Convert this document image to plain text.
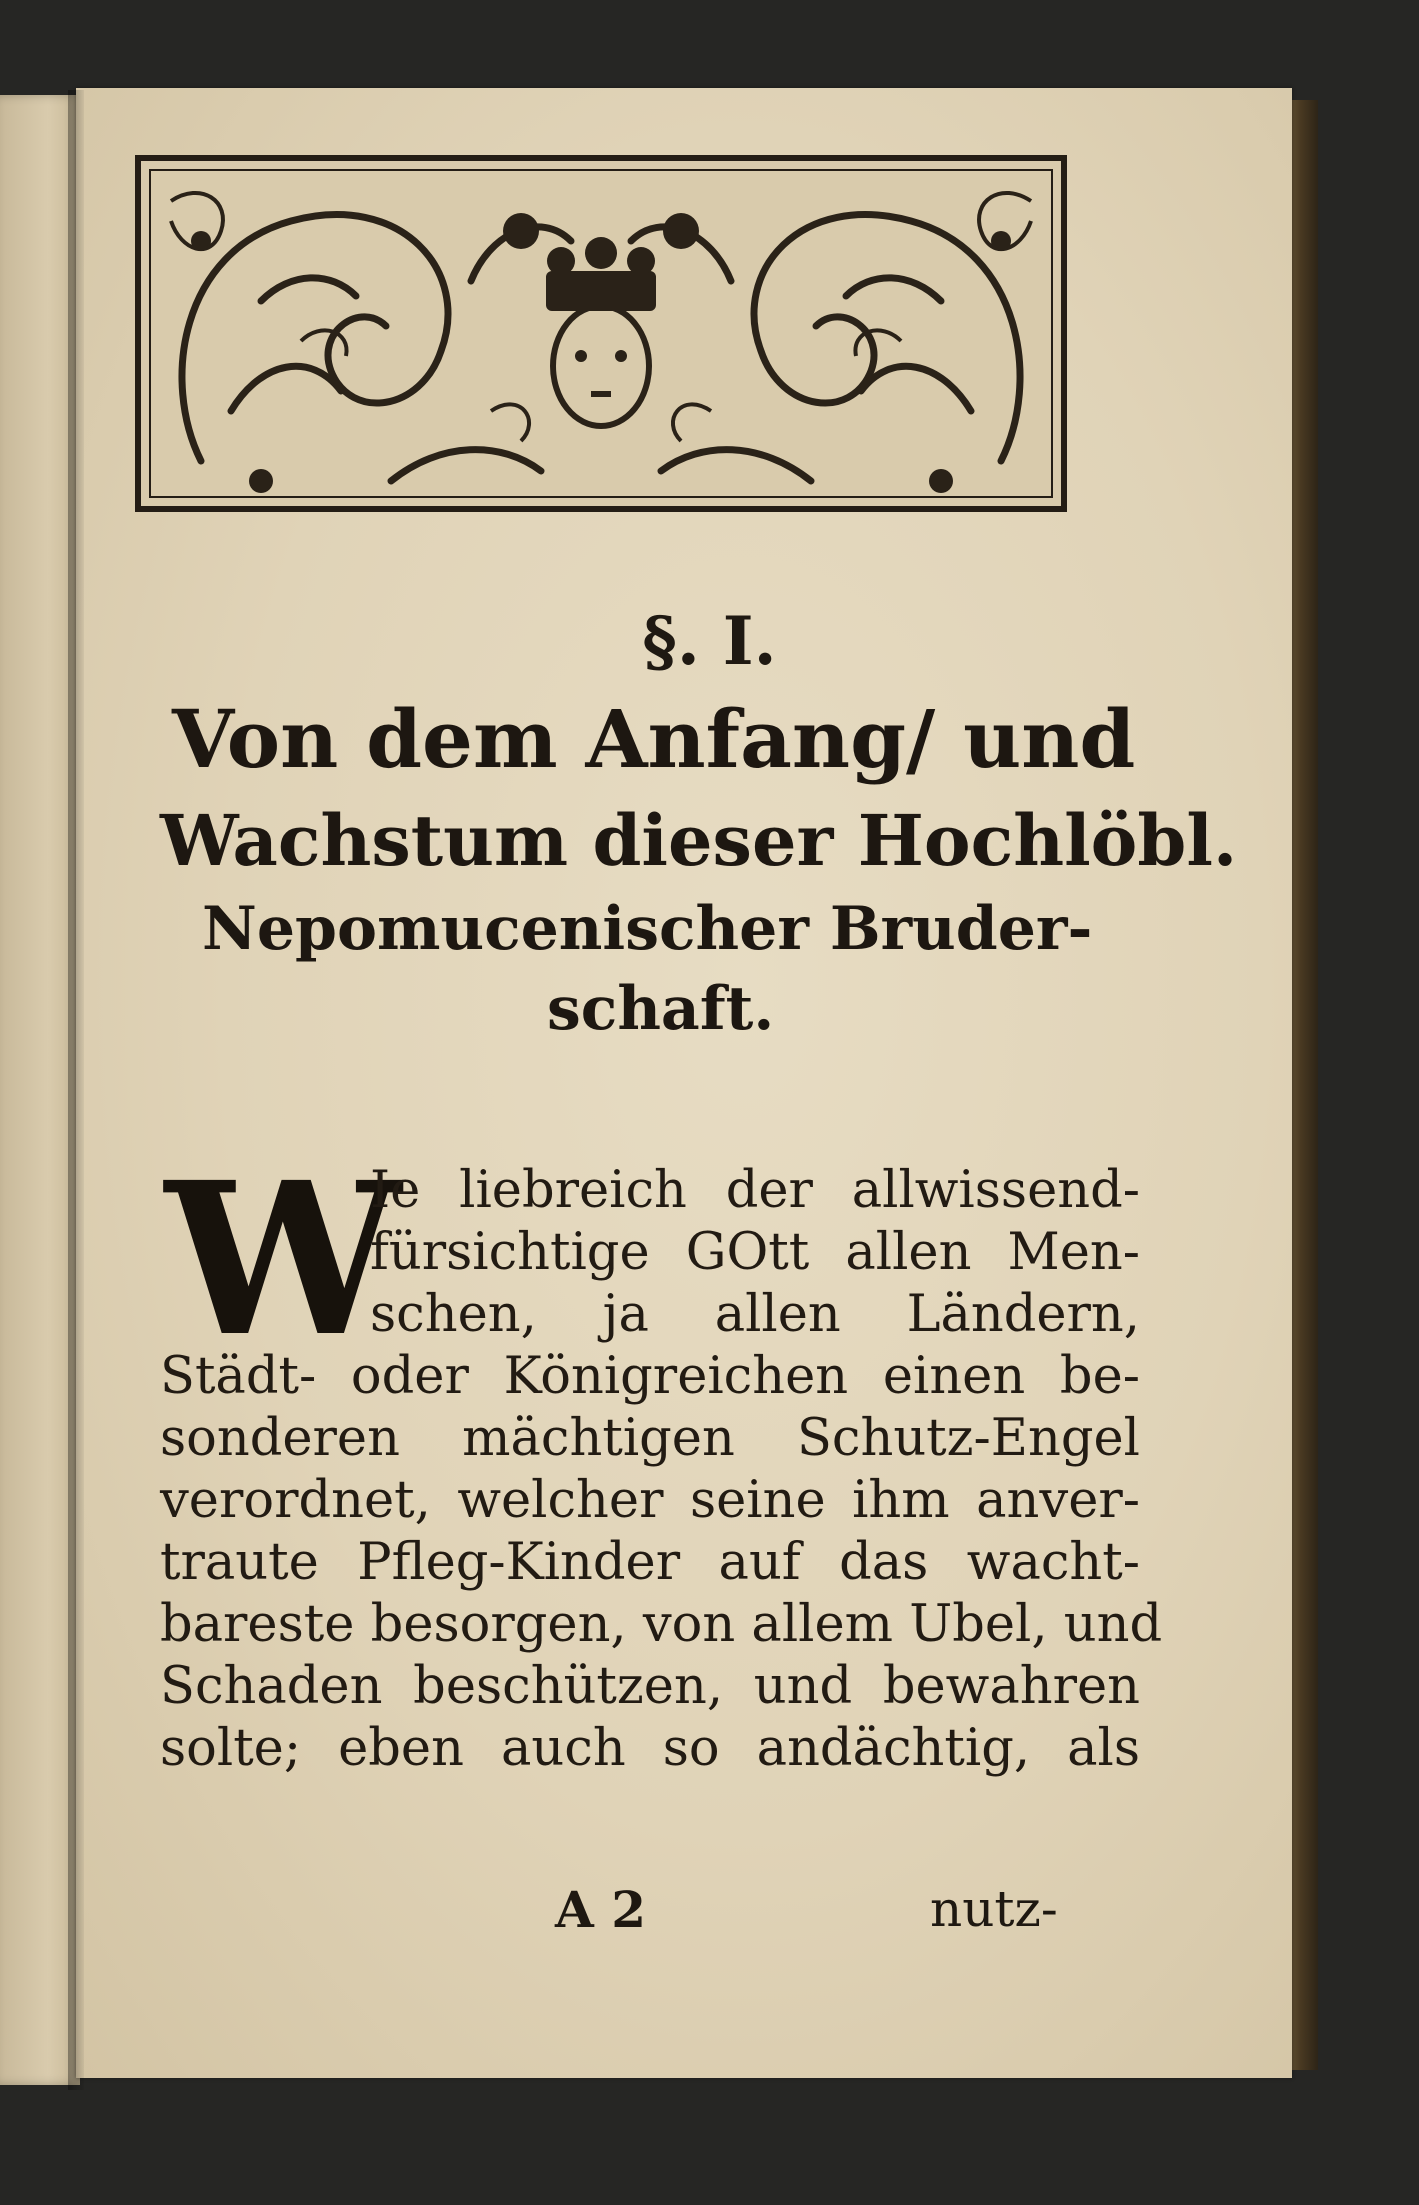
§. I.
Von dem Anfang/ und
Wachstum dieser Hochlöbl.
Nepomucenischer Bruder-
schaft.
W
Ie liebreich der allwissend-
fürsichtige GOtt allen Men-
schen, ja allen Ländern,
Städt- oder Königreichen einen be-
sonderen mächtigen Schutz-Engel
verordnet, welcher seine ihm anver-
traute Pfleg-Kinder auf das wacht-
bareste besorgen, von allem Ubel, und
Schaden beschützen, und bewahren
solte; eben auch so andächtig, als
A 2	nutz-
